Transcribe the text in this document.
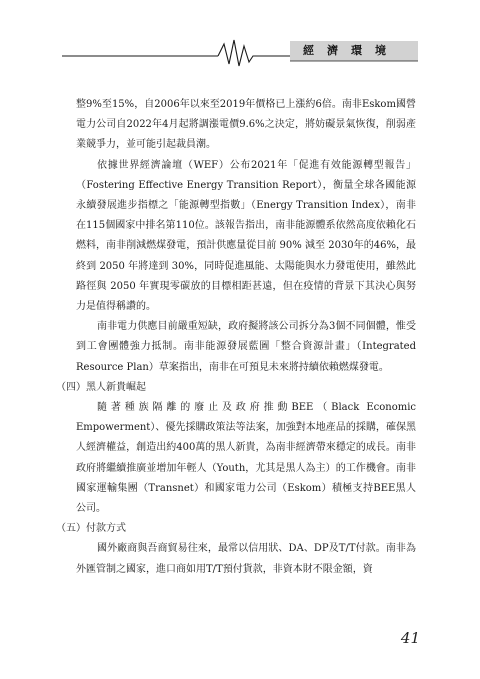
經濟環境

整9%至15%，自2006年以來至2019年價格已上漲約6倍。南非Eskom國營電力公司自2022年4月起將調漲電價9.6%之決定，將妨礙景氣恢復，削弱產業競爭力，並可能引起裁員潮。

依據世界經濟論壇（WEF）公布2021年「促進有效能源轉型報告」（Fostering Effective Energy Transition Report），衡量全球各國能源永續發展進步指標之「能源轉型指數」（Energy Transition Index），南非在115個國家中排名第110位。該報告指出，南非能源體系依然高度依賴化石燃料，南非削減燃煤發電，預計供應量從目前 90% 減至 2030年的46%，最終到 2050 年將達到 30%，同時促進風能、太陽能與水力發電使用，雖然此路徑與 2050 年實現零碳放的目標相距甚遠，但在疫情的背景下其決心與努力是值得稱讚的。

南非電力供應目前嚴重短缺，政府擬將該公司拆分為3個不同個體，惟受到工會團體強力抵制。南非能源發展藍圖「整合資源計畫」（Integrated Resource Plan）草案指出，南非在可預見未來將持續依賴燃煤發電。

（四）黑人新貴崛起

隨著種族隔離的廢止及政府推動BEE（Black Economic Empowerment）、優先採購政策法等法案，加強對本地產品的採購，確保黑人經濟權益，創造出約400萬的黑人新貴，為南非經濟帶來穩定的成長。南非政府將繼續推廣並增加年輕人（Youth，尤其是黑人為主）的工作機會。南非國家運輸集團（Transnet）和國家電力公司（Eskom）積極支持BEE黑人公司。

（五）付款方式

國外廠商與吾商貿易往來，最常以信用狀、DA、DP及T/T付款。南非為外匯管制之國家，進口商如用T/T預付貨款，非資本財不限金額，資

41
